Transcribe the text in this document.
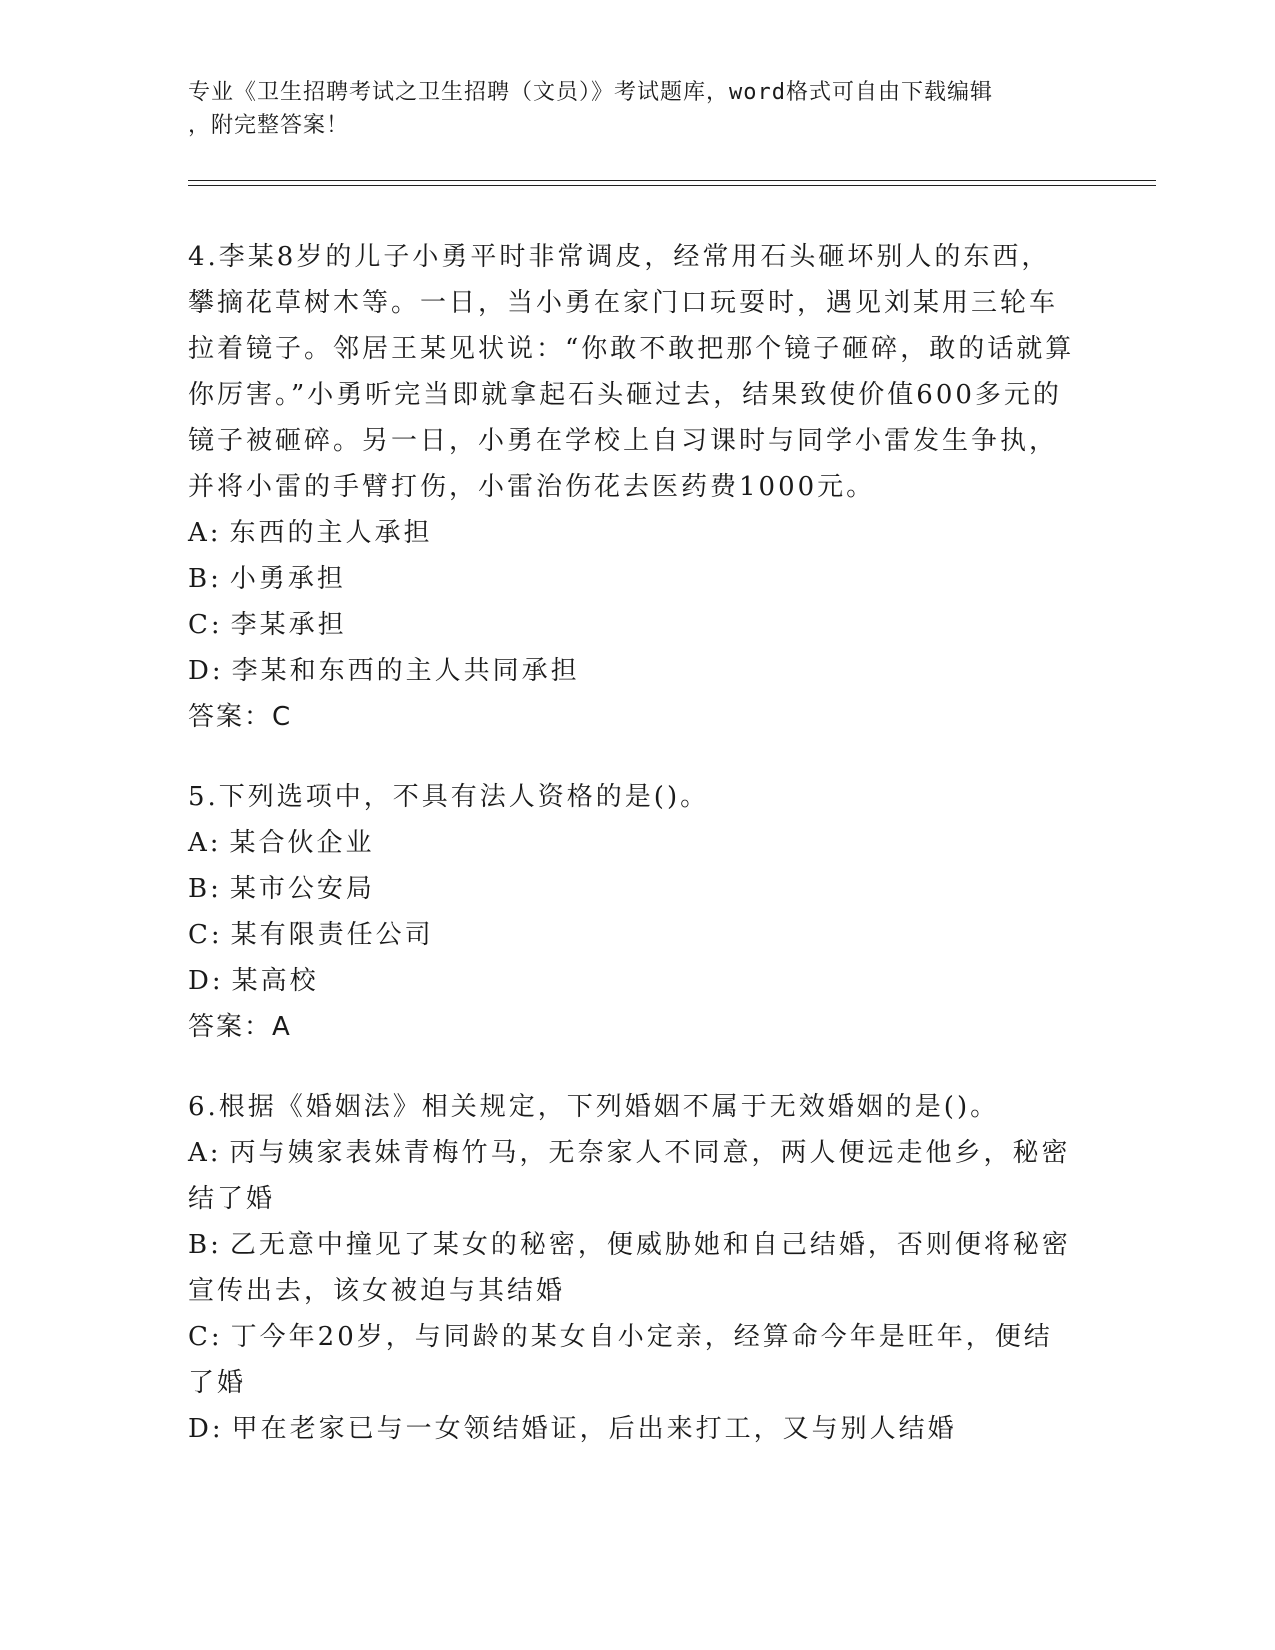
专业《卫生招聘考试之卫生招聘（文员）》考试题库，word格式可自由下载编辑
，附完整答案！

4.李某8岁的儿子小勇平时非常调皮，经常用石头砸坏别人的东西，攀摘花草树木等。一日，当小勇在家门口玩耍时，遇见刘某用三轮车拉着镜子。邻居王某见状说：“你敢不敢把那个镜子砸碎，敢的话就算你厉害。”小勇听完当即就拿起石头砸过去，结果致使价值600多元的镜子被砸碎。另一日，小勇在学校上自习课时与同学小雷发生争执，并将小雷的手臂打伤，小雷治伤花去医药费1000元。

A: 东西的主人承担

B: 小勇承担

C: 李某承担

D: 李某和东西的主人共同承担

答案：C

5.下列选项中，不具有法人资格的是()。

A: 某合伙企业

B: 某市公安局

C: 某有限责任公司

D: 某高校

答案：A

6.根据《婚姻法》相关规定，下列婚姻不属于无效婚姻的是()。

A: 丙与姨家表妹青梅竹马，无奈家人不同意，两人便远走他乡，秘密结了婚

B: 乙无意中撞见了某女的秘密，便威胁她和自己结婚，否则便将秘密宣传出去，该女被迫与其结婚

C: 丁今年20岁，与同龄的某女自小定亲，经算命今年是旺年，便结了婚

D: 甲在老家已与一女领结婚证，后出来打工，又与别人结婚
